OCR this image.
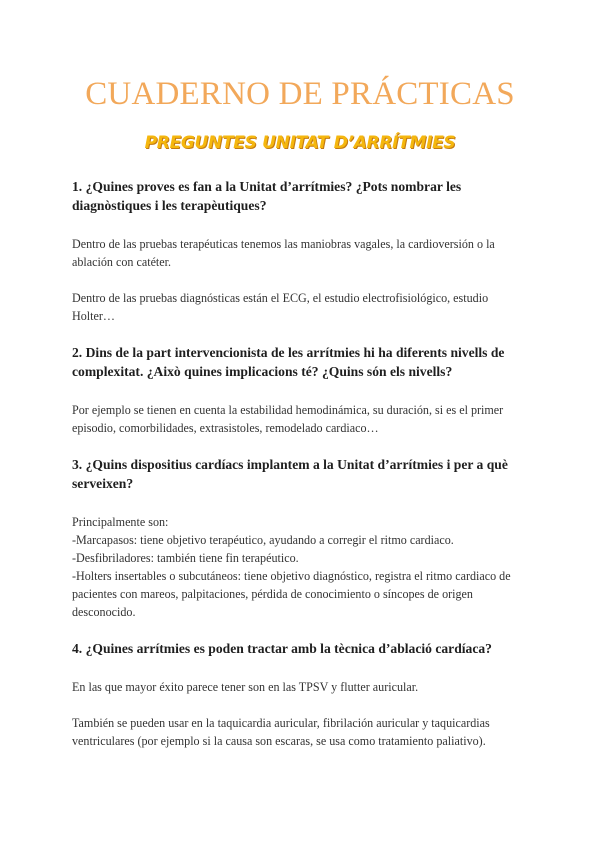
CUADERNO DE PRÁCTICAS
PREGUNTES UNITAT D’ARRÍTMIES

1. ¿Quines proves es fan a la Unitat d’arrítmies? ¿Pots nombrar les diagnòstiques i les terapèutiques?

Dentro de las pruebas terapéuticas tenemos las maniobras vagales, la cardioversión o la ablación con catéter.

Dentro de las pruebas diagnósticas están el ECG, el estudio electrofisiológico, estudio Holter…

2. Dins de la part intervencionista de les arrítmies hi ha diferents nivells de complexitat. ¿Això quines implicacions té? ¿Quins són els nivells?

Por ejemplo se tienen en cuenta la estabilidad hemodinámica, su duración, si es el primer episodio, comorbilidades, extrasistoles, remodelado cardiaco…

3. ¿Quins dispositius cardíacs implantem a la Unitat d’arrítmies i per a què serveixen?

Principalmente son:
-Marcapasos: tiene objetivo terapéutico, ayudando a corregir el ritmo cardiaco.
-Desfibriladores: también tiene fin terapéutico.
-Holters insertables o subcutáneos: tiene objetivo diagnóstico, registra el ritmo cardiaco de pacientes con mareos, palpitaciones, pérdida de conocimiento o síncopes de origen desconocido.

4. ¿Quines arrítmies es poden tractar amb la tècnica d’ablació cardíaca?

En las que mayor éxito parece tener son en las TPSV y flutter auricular.

También se pueden usar en la taquicardia auricular, fibrilación auricular y taquicardias ventriculares (por ejemplo si la causa son escaras, se usa como tratamiento paliativo).
